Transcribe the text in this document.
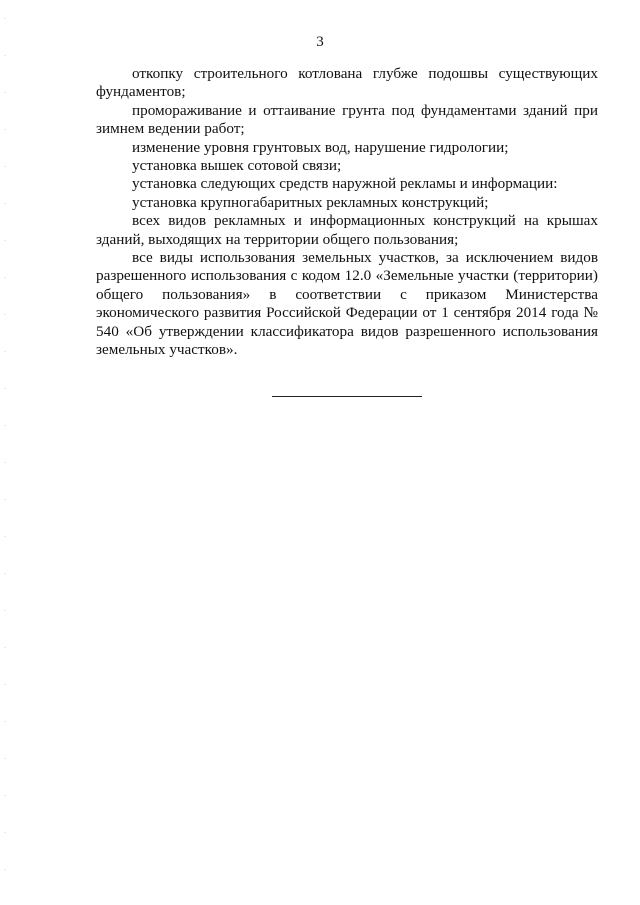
3

откопку строительного котлована глубже подошвы существующих фундаментов;

промораживание и оттаивание грунта под фундаментами зданий при зимнем ведении работ;

изменение уровня грунтовых вод, нарушение гидрологии;

установка вышек сотовой связи;

установка следующих средств наружной рекламы и информации:

установка крупногабаритных рекламных конструкций;

всех видов рекламных и информационных конструкций на крышах зданий, выходящих на территории общего пользования;

все виды использования земельных участков, за исключением видов разрешенного использования с кодом 12.0 «Земельные участки (территории) общего пользования» в соответствии с приказом Министерства экономического развития Российской Федерации от 1 сентября 2014 года № 540 «Об утверждении классификатора видов разрешенного использования земельных участков».
